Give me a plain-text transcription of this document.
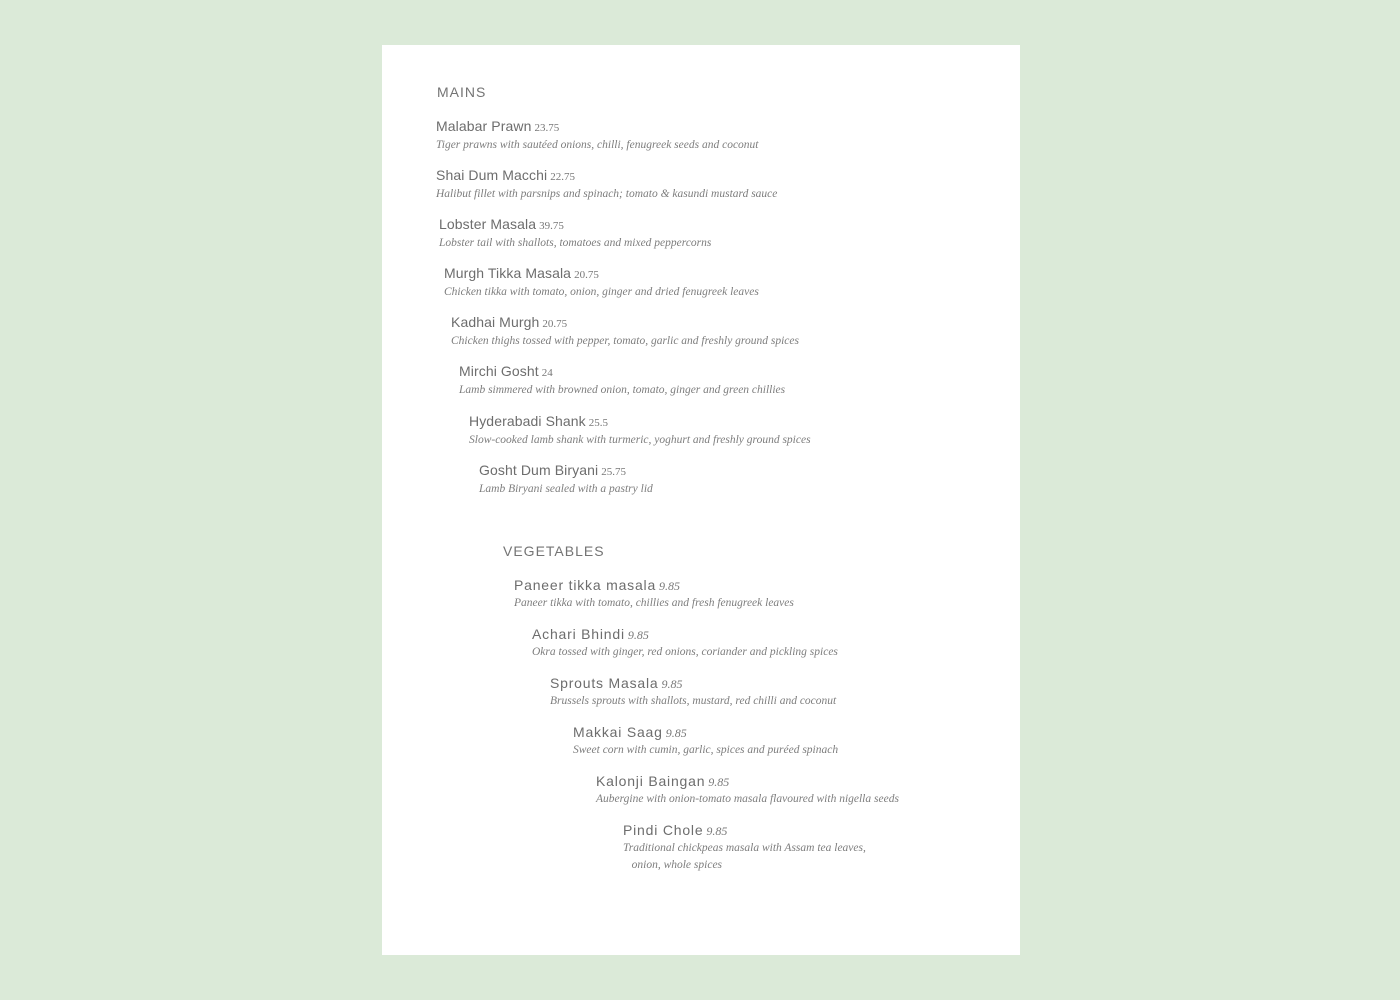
MAINS
Malabar Prawn 23.75
Tiger prawns with sautéed onions, chilli, fenugreek seeds and coconut
Shai Dum Macchi 22.75
Halibut fillet with parsnips and spinach; tomato & kasundi mustard sauce
Lobster Masala 39.75
Lobster tail with shallots, tomatoes and mixed peppercorns
Murgh Tikka Masala 20.75
Chicken tikka with tomato, onion, ginger and dried fenugreek leaves
Kadhai Murgh 20.75
Chicken thighs tossed with pepper, tomato, garlic and freshly ground spices
Mirchi Gosht 24
Lamb simmered with browned onion, tomato, ginger and green chillies
Hyderabadi Shank 25.5
Slow-cooked lamb shank with turmeric, yoghurt and freshly ground spices
Gosht Dum Biryani 25.75
Lamb Biryani sealed with a pastry lid
VEGETABLES
Paneer tikka masala 9.85
Paneer tikka with tomato, chillies and fresh fenugreek leaves
Achari Bhindi 9.85
Okra tossed with ginger, red onions, coriander and pickling spices
Sprouts Masala 9.85
Brussels sprouts with shallots, mustard, red chilli and coconut
Makkai Saag 9.85
Sweet corn with cumin, garlic, spices and puréed spinach
Kalonji Baingan 9.85
Aubergine with onion-tomato masala flavoured with nigella seeds
Pindi Chole 9.85
Traditional chickpeas masala with Assam tea leaves,
onion, whole spices
